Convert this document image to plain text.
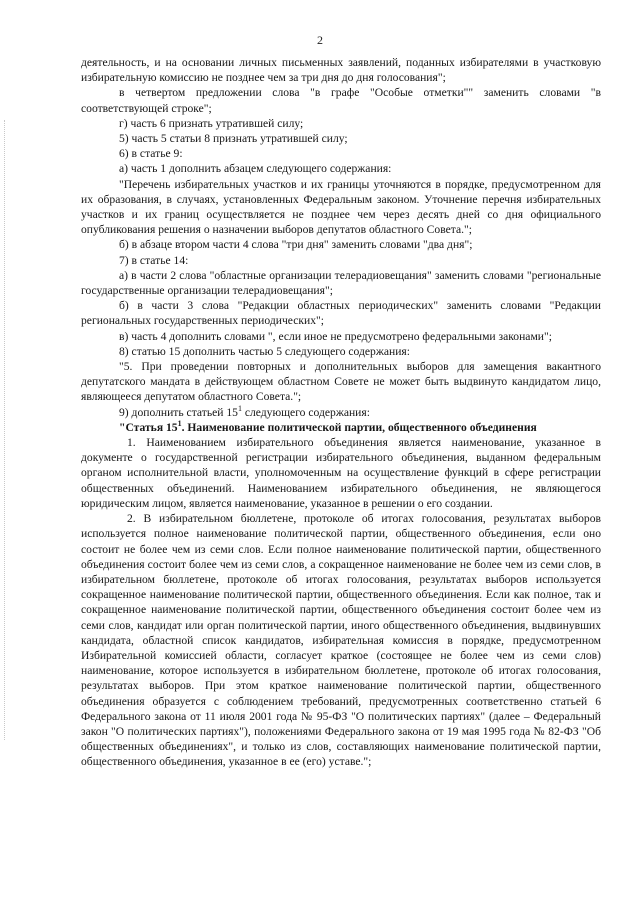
2

деятельность, и на основании личных письменных заявлений, поданных избирателями в участковую избирательную комиссию не позднее чем за три дня до дня голосования";

в четвертом предложении слова "в графе "Особые отметки"" заменить словами "в соответствующей строке";

г) часть 6 признать утратившей силу;

5) часть 5 статьи 8 признать утратившей силу;

6) в статье 9:

а) часть 1 дополнить абзацем следующего содержания:

"Перечень избирательных участков и их границы уточняются в порядке, предусмотренном для их образования, в случаях, установленных Федеральным законом. Уточнение перечня избирательных участков и их границ осуществляется не позднее чем через десять дней со дня официального опубликования решения о назначении выборов депутатов областного Совета.";

б) в абзаце втором части 4 слова "три дня" заменить словами "два дня";

7) в статье 14:

а) в части 2 слова "областные организации телерадиовещания" заменить словами "региональные государственные организации телерадиовещания";

б) в части 3 слова "Редакции областных периодических" заменить словами "Редакции региональных государственных периодических";

в) часть 4 дополнить словами ", если иное не предусмотрено федеральными законами";

8) статью 15 дополнить частью 5 следующего содержания:

"5. При проведении повторных и дополнительных выборов для замещения вакантного депутатского мандата в действующем областном Совете не может быть выдвинуто кандидатом лицо, являющееся депутатом областного Совета.";

9) дополнить статьей $15^1$ следующего содержания:

"Статья $15^1$. Наименование политической партии, общественного объединения

1. Наименованием избирательного объединения является наименование, указанное в документе о государственной регистрации избирательного объединения, выданном федеральным органом исполнительной власти, уполномоченным на осуществление функций в сфере регистрации общественных объединений. Наименованием избирательного объединения, не являющегося юридическим лицом, является наименование, указанное в решении о его создании.

2. В избирательном бюллетене, протоколе об итогах голосования, результатах выборов используется полное наименование политической партии, общественного объединения, если оно состоит не более чем из семи слов. Если полное наименование политической партии, общественного объединения состоит более чем из семи слов, а сокращенное наименование не более чем из семи слов, в избирательном бюллетене, протоколе об итогах голосования, результатах выборов используется сокращенное наименование политической партии, общественного объединения. Если как полное, так и сокращенное наименование политической партии, общественного объединения состоит более чем из семи слов, кандидат или орган политической партии, иного общественного объединения, выдвинувших кандидата, областной список кандидатов, избирательная комиссия в порядке, предусмотренном Избирательной комиссией области, согласует краткое (состоящее не более чем из семи слов) наименование, которое используется в избирательном бюллетене, протоколе об итогах голосования, результатах выборов. При этом краткое наименование политической партии, общественного объединения образуется с соблюдением требований, предусмотренных соответственно статьей 6 Федерального закона от 11 июля 2001 года № 95-ФЗ "О политических партиях" (далее – Федеральный закон "О политических партиях"), положениями Федерального закона от 19 мая 1995 года № 82-ФЗ "Об общественных объединениях", и только из слов, составляющих наименование политической партии, общественного объединения, указанное в ее (его) уставе.";
